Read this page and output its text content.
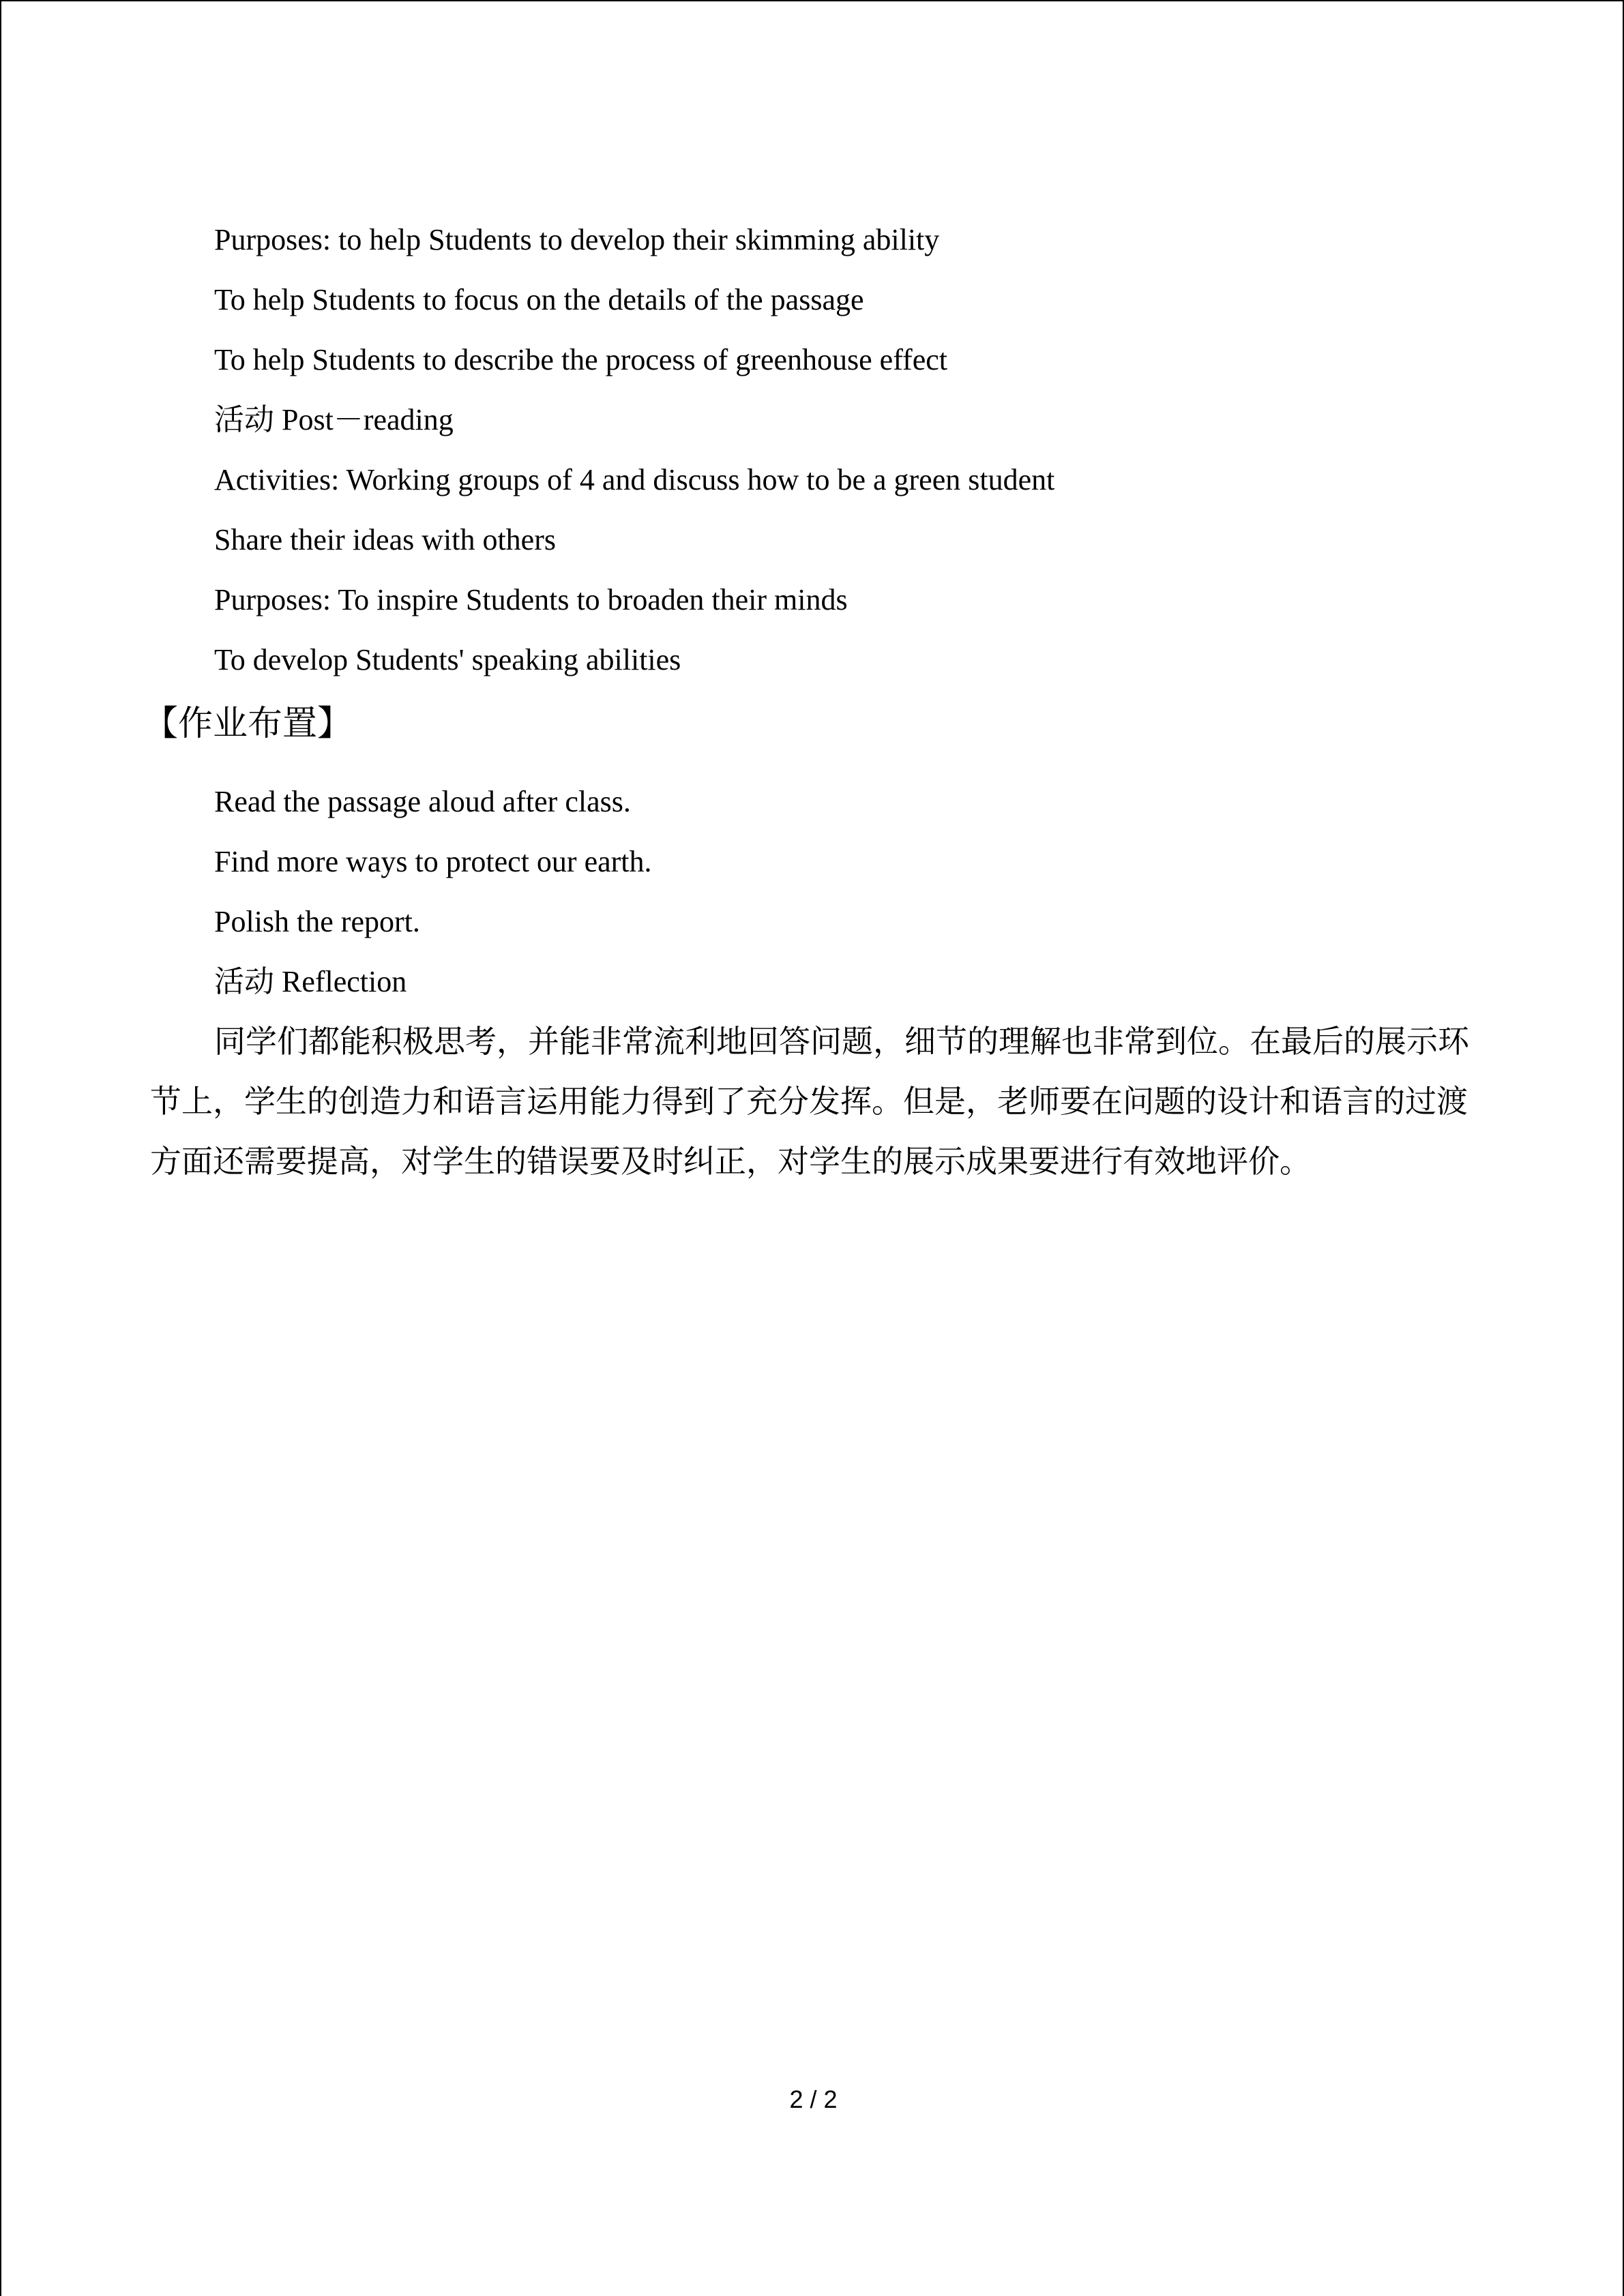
Purposes: to help Students to develop their skimming ability
To help Students to focus on the details of the passage
To help Students to describe the process of greenhouse effect
活动 Post－reading
Activities: Working groups of 4 and discuss how to be a green student
Share their ideas with others
Purposes: To inspire Students to broaden their minds
To develop Students' speaking abilities
【作业布置】
Read the passage aloud after class.
Find more ways to protect our earth.
Polish the report.
活动 Reflection

同学们都能积极思考，并能非常流利地回答问题，细节的理解也非常到位。在最后的展示环节上，学生的创造力和语言运用能力得到了充分发挥。但是，老师要在问题的设计和语言的过渡方面还需要提高，对学生的错误要及时纠正，对学生的展示成果要进行有效地评价。

2 / 2
